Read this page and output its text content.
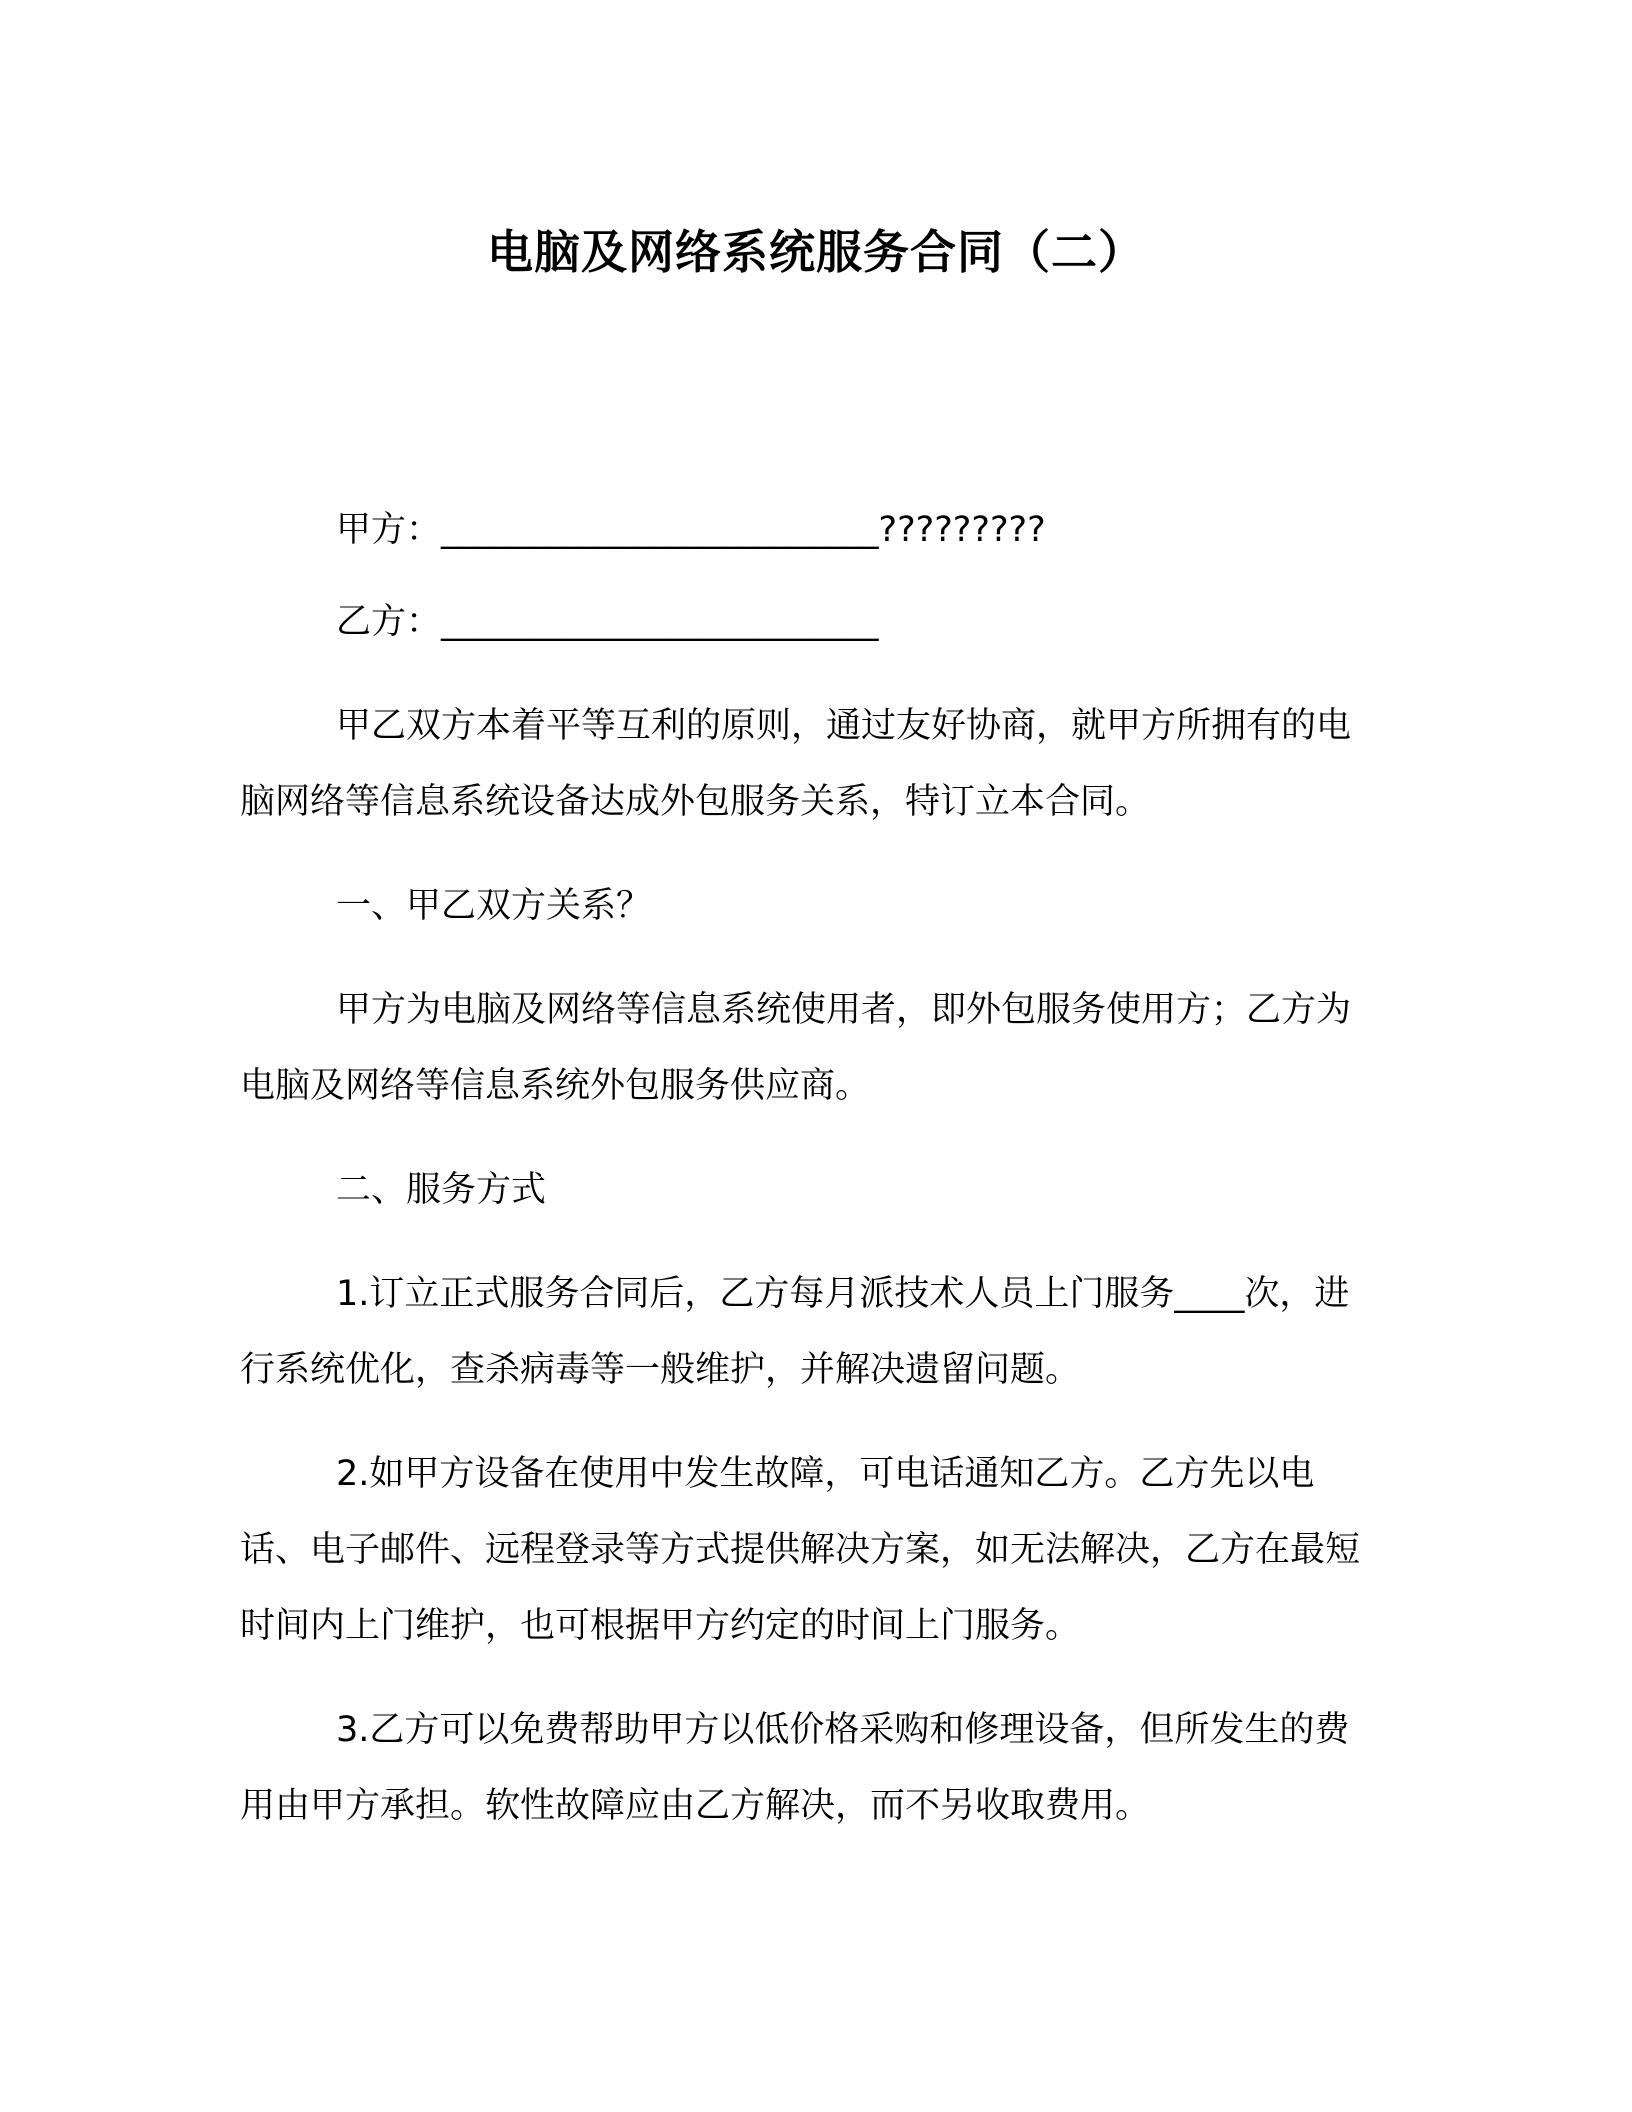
电脑及网络系统服务合同（二）

甲方：_________________________?????????

乙方：_________________________

甲乙双方本着平等互利的原则，通过友好协商，就甲方所拥有的电脑网络等信息系统设备达成外包服务关系，特订立本合同。

一、甲乙双方关系？

甲方为电脑及网络等信息系统使用者，即外包服务使用方；乙方为电脑及网络等信息系统外包服务供应商。

二、服务方式

1.订立正式服务合同后，乙方每月派技术人员上门服务____次，进行系统优化，查杀病毒等一般维护，并解决遗留问题。

2.如甲方设备在使用中发生故障，可电话通知乙方。乙方先以电话、电子邮件、远程登录等方式提供解决方案，如无法解决，乙方在最短时间内上门维护，也可根据甲方约定的时间上门服务。

3.乙方可以免费帮助甲方以低价格采购和修理设备，但所发生的费用由甲方承担。软性故障应由乙方解决，而不另收取费用。
